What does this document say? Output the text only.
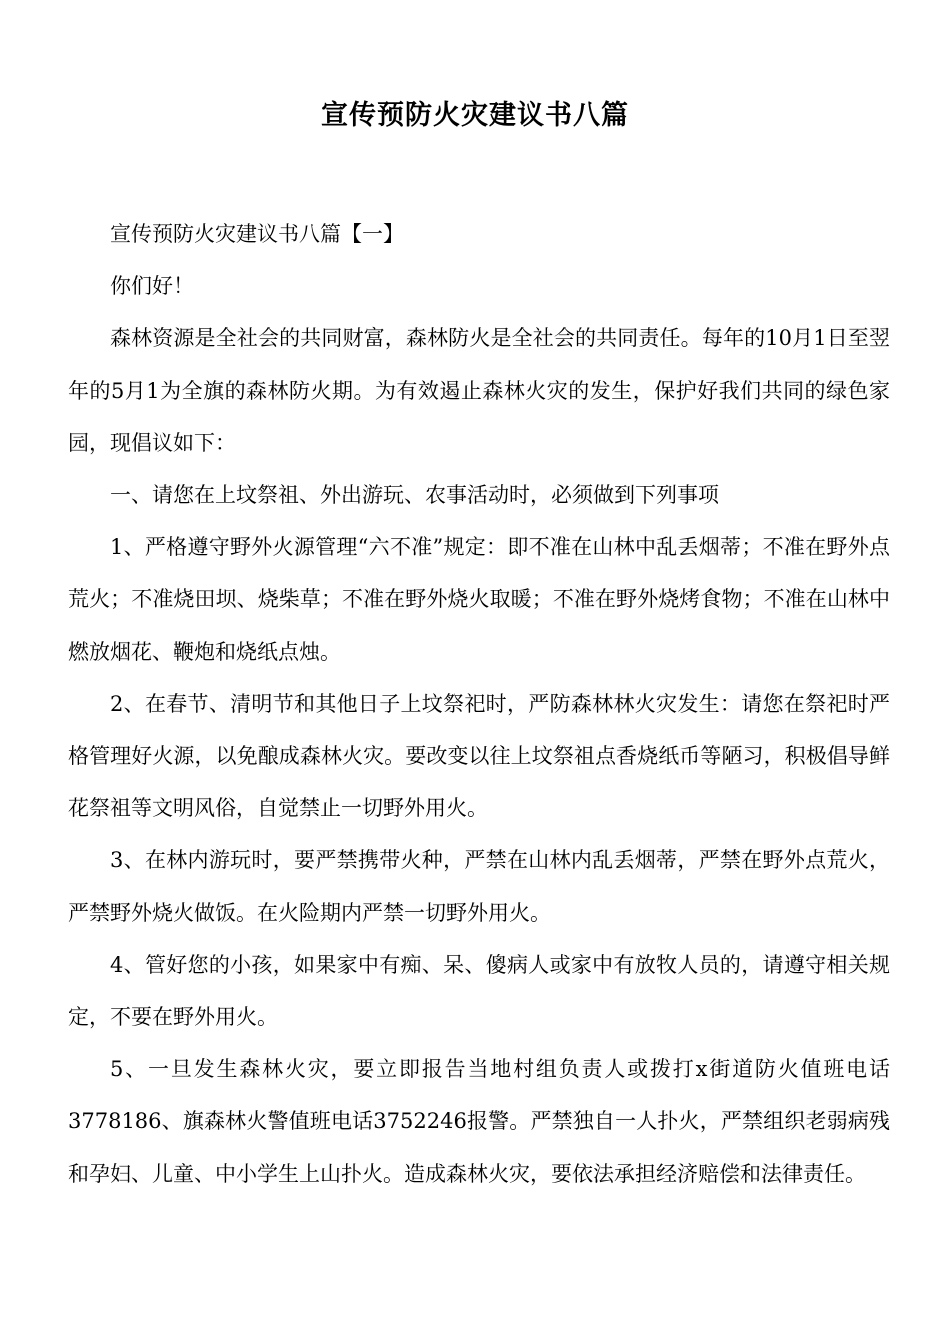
宣传预防火灾建议书八篇

宣传预防火灾建议书八篇【一】

你们好！

森林资源是全社会的共同财富，森林防火是全社会的共同责任。每年的10月1日至翌年的5月1为全旗的森林防火期。为有效遏止森林火灾的发生，保护好我们共同的绿色家园，现倡议如下：

一、请您在上坟祭祖、外出游玩、农事活动时，必须做到下列事项

1、严格遵守野外火源管理“六不准”规定：即不准在山林中乱丢烟蒂；不准在野外点荒火；不准烧田坝、烧柴草；不准在野外烧火取暖；不准在野外烧烤食物；不准在山林中燃放烟花、鞭炮和烧纸点烛。

2、在春节、清明节和其他日子上坟祭祀时，严防森林林火灾发生：请您在祭祀时严格管理好火源，以免酿成森林火灾。要改变以往上坟祭祖点香烧纸币等陋习，积极倡导鲜花祭祖等文明风俗，自觉禁止一切野外用火。

3、在林内游玩时，要严禁携带火种，严禁在山林内乱丢烟蒂，严禁在野外点荒火，严禁野外烧火做饭。在火险期内严禁一切野外用火。

4、管好您的小孩，如果家中有痴、呆、傻病人或家中有放牧人员的，请遵守相关规定，不要在野外用火。

5、一旦发生森林火灾，要立即报告当地村组负责人或拨打x街道防火值班电话3778186、旗森林火警值班电话3752246报警。严禁独自一人扑火，严禁组织老弱病残和孕妇、儿童、中小学生上山扑火。造成森林火灾，要依法承担经济赔偿和法律责任。
